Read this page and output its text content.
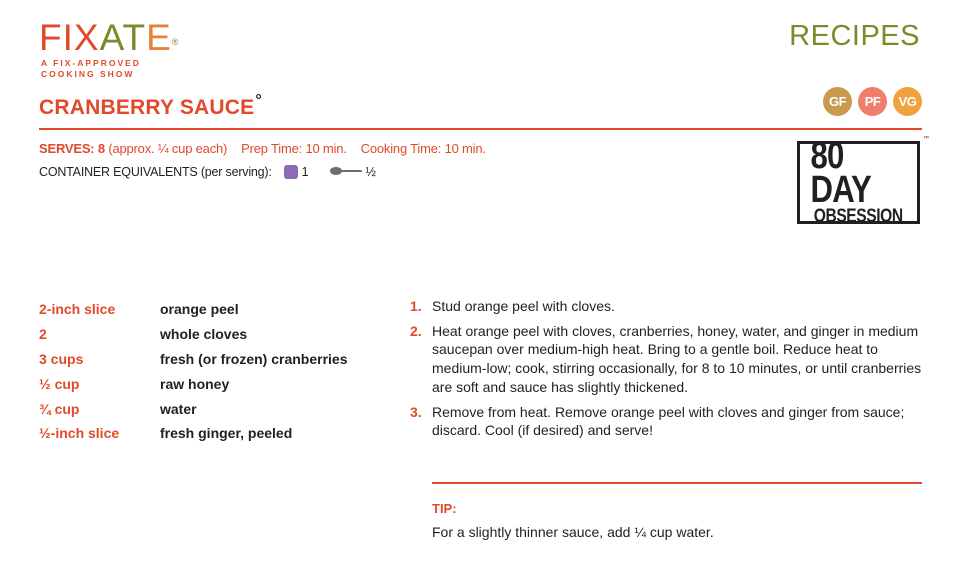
FIXATE®
A FIX-APPROVED
COOKING SHOW
RECIPES
CRANBERRY SAUCE°	GF	PF	VG
SERVES: 8 (approx. ¼ cup each) Prep Time: 10 min. Cooking Time: 10 min.
CONTAINER EQUIVALENTS (per serving): 1	½	80 DAY
OBSESSION
™
2-inch slice	orange peel
2	whole cloves
3 cups	fresh (or frozen) cranberries
½ cup	raw honey
¾ cup	water
½-inch slice	fresh ginger, peeled
1. Stud orange peel with cloves.
2. Heat orange peel with cloves, cranberries, honey, water, and ginger in medium saucepan over medium-high heat. Bring to a gentle boil. Reduce heat to medium-low; cook, stirring occasionally, for 8 to 10 minutes, or until cranberries are soft and sauce has slightly thickened.
3. Remove from heat. Remove orange peel with cloves and ginger from sauce; discard. Cool (if desired) and serve!
TIP:
For a slightly thinner sauce, add ¼ cup water.
